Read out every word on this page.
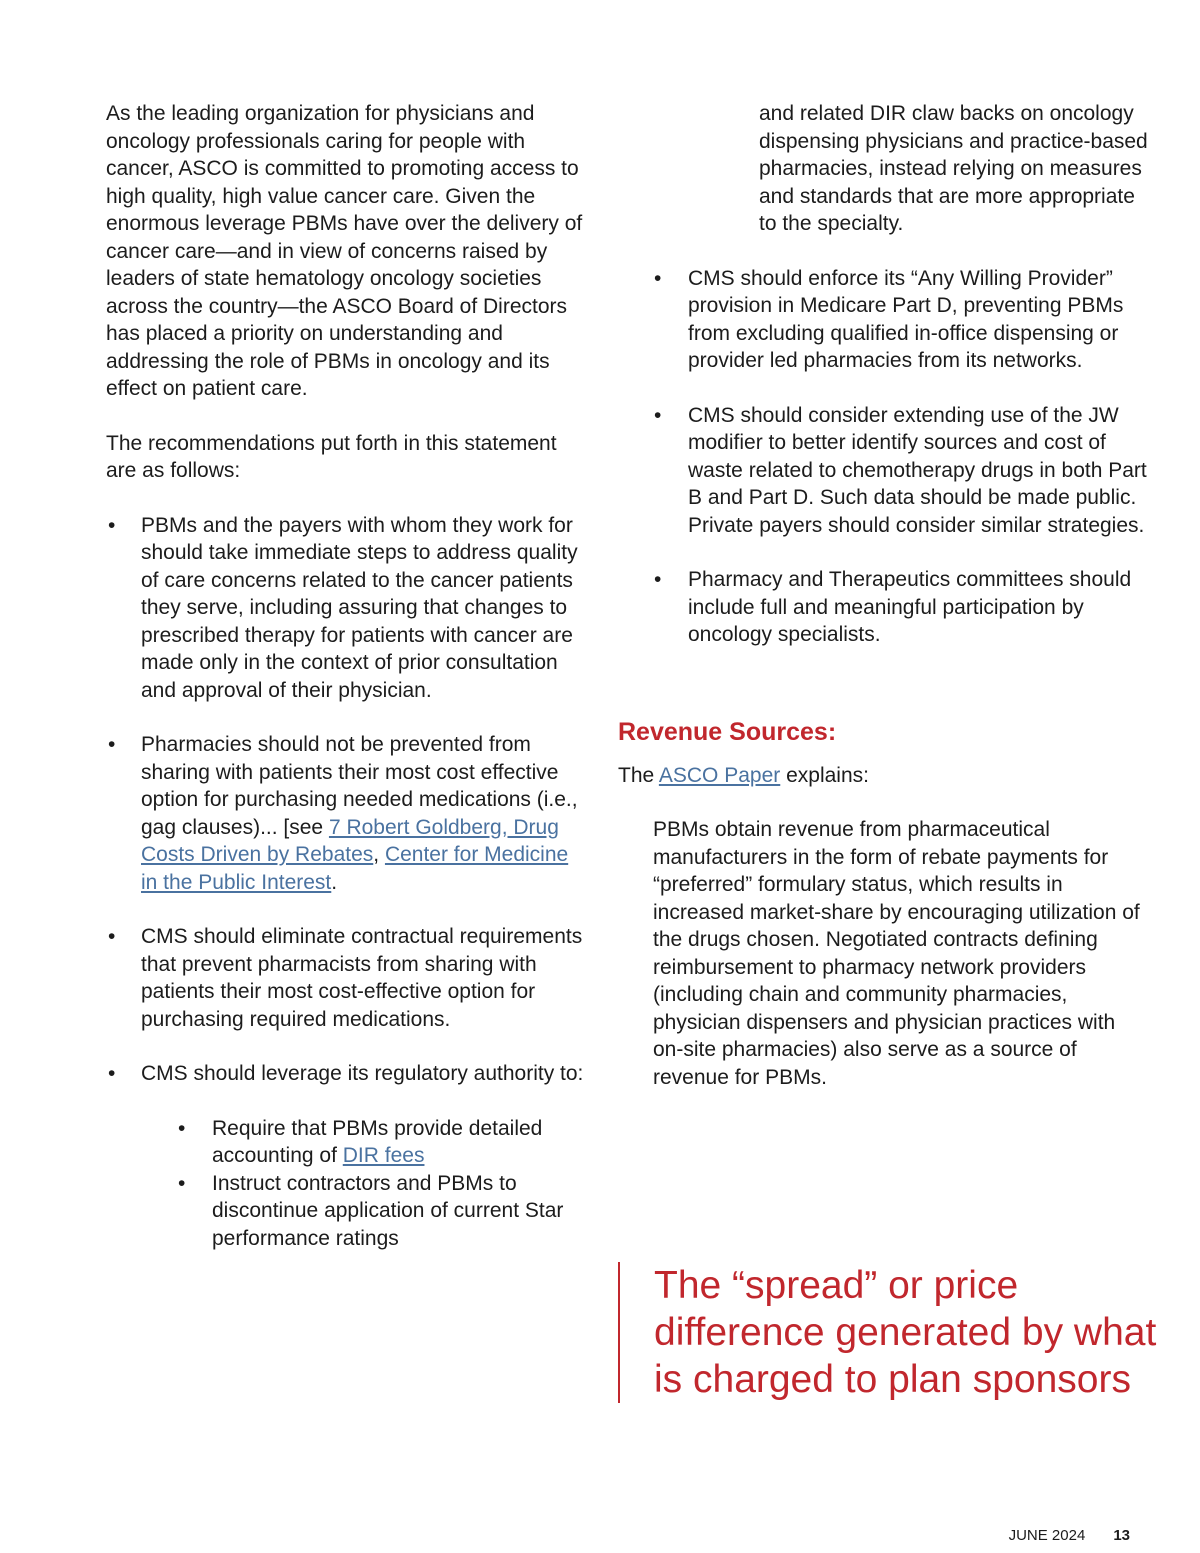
As the leading organization for physicians and oncology professionals caring for people with cancer, ASCO is committed to promoting access to high quality, high value cancer care. Given the enormous leverage PBMs have over the delivery of cancer care—and in view of concerns raised by leaders of state hematology oncology societies across the country—the ASCO Board of Directors has placed a priority on understanding and addressing the role of PBMs in oncology and its effect on patient care.

The recommendations put forth in this statement are as follows:

• PBMs and the payers with whom they work for should take immediate steps to address quality of care concerns related to the cancer patients they serve, including assuring that changes to prescribed therapy for patients with cancer are made only in the context of prior consultation and approval of their physician.
• Pharmacies should not be prevented from sharing with patients their most cost effective option for purchasing needed medications (i.e., gag clauses)... [see 7 Robert Goldberg, Drug Costs Driven by Rebates, Center for Medicine in the Public Interest.
• CMS should eliminate contractual requirements that prevent pharmacists from sharing with patients their most cost-effective option for purchasing required medications.
• CMS should leverage its regulatory authority to:
• Require that PBMs provide detailed accounting of DIR fees
• Instruct contractors and PBMs to discontinue application of current Star performance ratings

and related DIR claw backs on oncology dispensing physicians and practice-based pharmacies, instead relying on measures and standards that are more appropriate to the specialty.

• CMS should enforce its “Any Willing Provider” provision in Medicare Part D, preventing PBMs from excluding qualified in-office dispensing or provider led pharmacies from its networks.
• CMS should consider extending use of the JW modifier to better identify sources and cost of waste related to chemotherapy drugs in both Part B and Part D. Such data should be made public. Private payers should consider similar strategies.
• Pharmacy and Therapeutics committees should include full and meaningful participation by oncology specialists.
Revenue Sources:

The ASCO Paper explains:

PBMs obtain revenue from pharmaceutical manufacturers in the form of rebate payments for “preferred” formulary status, which results in increased market-share by encouraging utilization of the drugs chosen. Negotiated contracts defining reimbursement to pharmacy network providers (including chain and community pharmacies, physician dispensers and physician practices with on-site pharmacies) also serve as a source of revenue for PBMs.

The “spread” or price difference generated by what is charged to plan sponsors
JUNE 2024 13
